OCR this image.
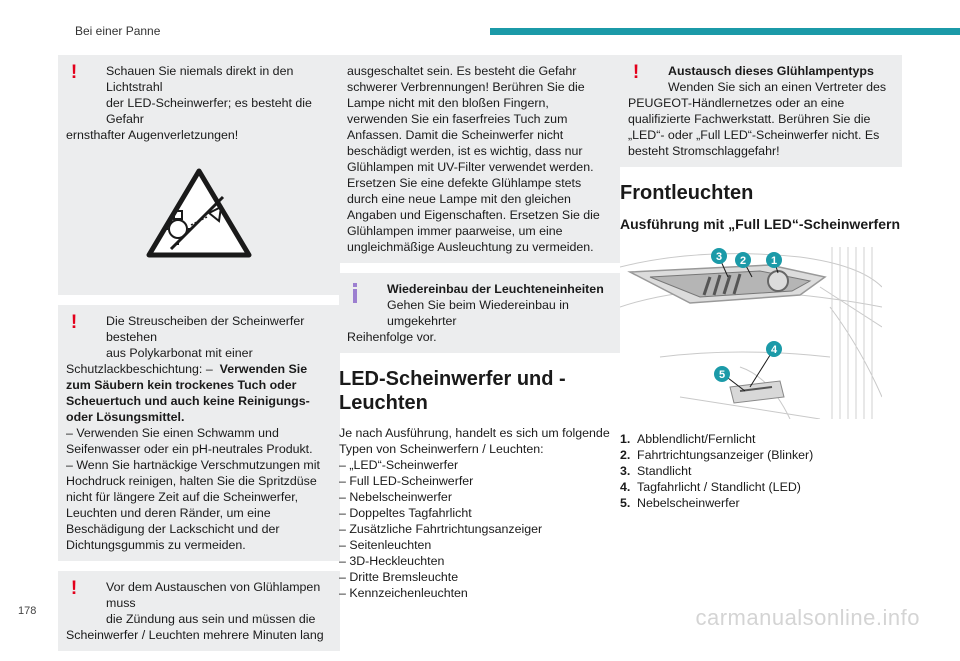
Bei einer Panne
!	Schauen Sie niemals direkt in den Lichtstrahl
der LED-Scheinwerfer; es besteht die Gefahr
ernsthafter Augenverletzungen!

!	Die Streuscheiben der Scheinwerfer bestehen
aus Polykarbonat mit einer
Schutzlackbeschichtung: – Verwenden Sie zum Säubern kein trockenes Tuch oder Scheuertuch und auch keine Reinigungs- oder Lösungsmittel.
– Verwenden Sie einen Schwamm und Seifenwasser oder ein pH-neutrales Produkt.
– Wenn Sie hartnäckige Verschmutzungen mit Hochdruck reinigen, halten Sie die Spritzdüse nicht für längere Zeit auf die Scheinwerfer, Leuchten und deren Ränder, um eine Beschädigung der Lackschicht und der Dichtungsgummis zu vermeiden.

!	Vor dem Austauschen von Glühlampen muss
die Zündung aus sein und müssen die
Scheinwerfer / Leuchten mehrere Minuten lang

ausgeschaltet sein. Es besteht die Gefahr schwerer Verbrennungen! Berühren Sie die Lampe nicht mit den bloßen Fingern, verwenden Sie ein faserfreies Tuch zum Anfassen. Damit die Scheinwerfer nicht beschädigt werden, ist es wichtig, dass nur Glühlampen mit UV-Filter verwendet werden. Ersetzen Sie eine defekte Glühlampe stets durch eine neue Lampe mit den gleichen Angaben und Eigenschaften. Ersetzen Sie die Glühlampen immer paarweise, um eine ungleichmäßige Ausleuchtung zu vermeiden.

Wiedereinbau der Leuchteneinheiten
Gehen Sie beim Wiedereinbau in umgekehrter
Reihenfolge vor.

LED-Scheinwerfer und -Leuchten

Je nach Ausführung, handelt es sich um folgende Typen von Scheinwerfern / Leuchten:

– „LED“-Scheinwerfer
– Full LED-Scheinwerfer
– Nebelscheinwerfer
– Doppeltes Tagfahrlicht
– Zusätzliche Fahrtrichtungsanzeiger
– Seitenleuchten
– 3D-Heckleuchten
– Dritte Bremsleuchte
– Kennzeichenleuchten
!	Austausch dieses Glühlampentyps
Wenden Sie sich an einen Vertreter des
PEUGEOT-Händlernetzes oder an eine qualifizierte Fachwerkstatt. Berühren Sie die „LED“- oder „Full LED“-Scheinwerfer nicht. Es besteht Stromschlaggefahr!

Frontleuchten
Ausführung mit „Full LED“-Scheinwerfern
3 2 1
4
5
1. Abblendlicht/Fernlicht
2. Fahrtrichtungsanzeiger (Blinker)
3. Standlicht
4. Tagfahrlicht / Standlicht (LED)
5. Nebelscheinwerfer
178	carmanualsonline.info
